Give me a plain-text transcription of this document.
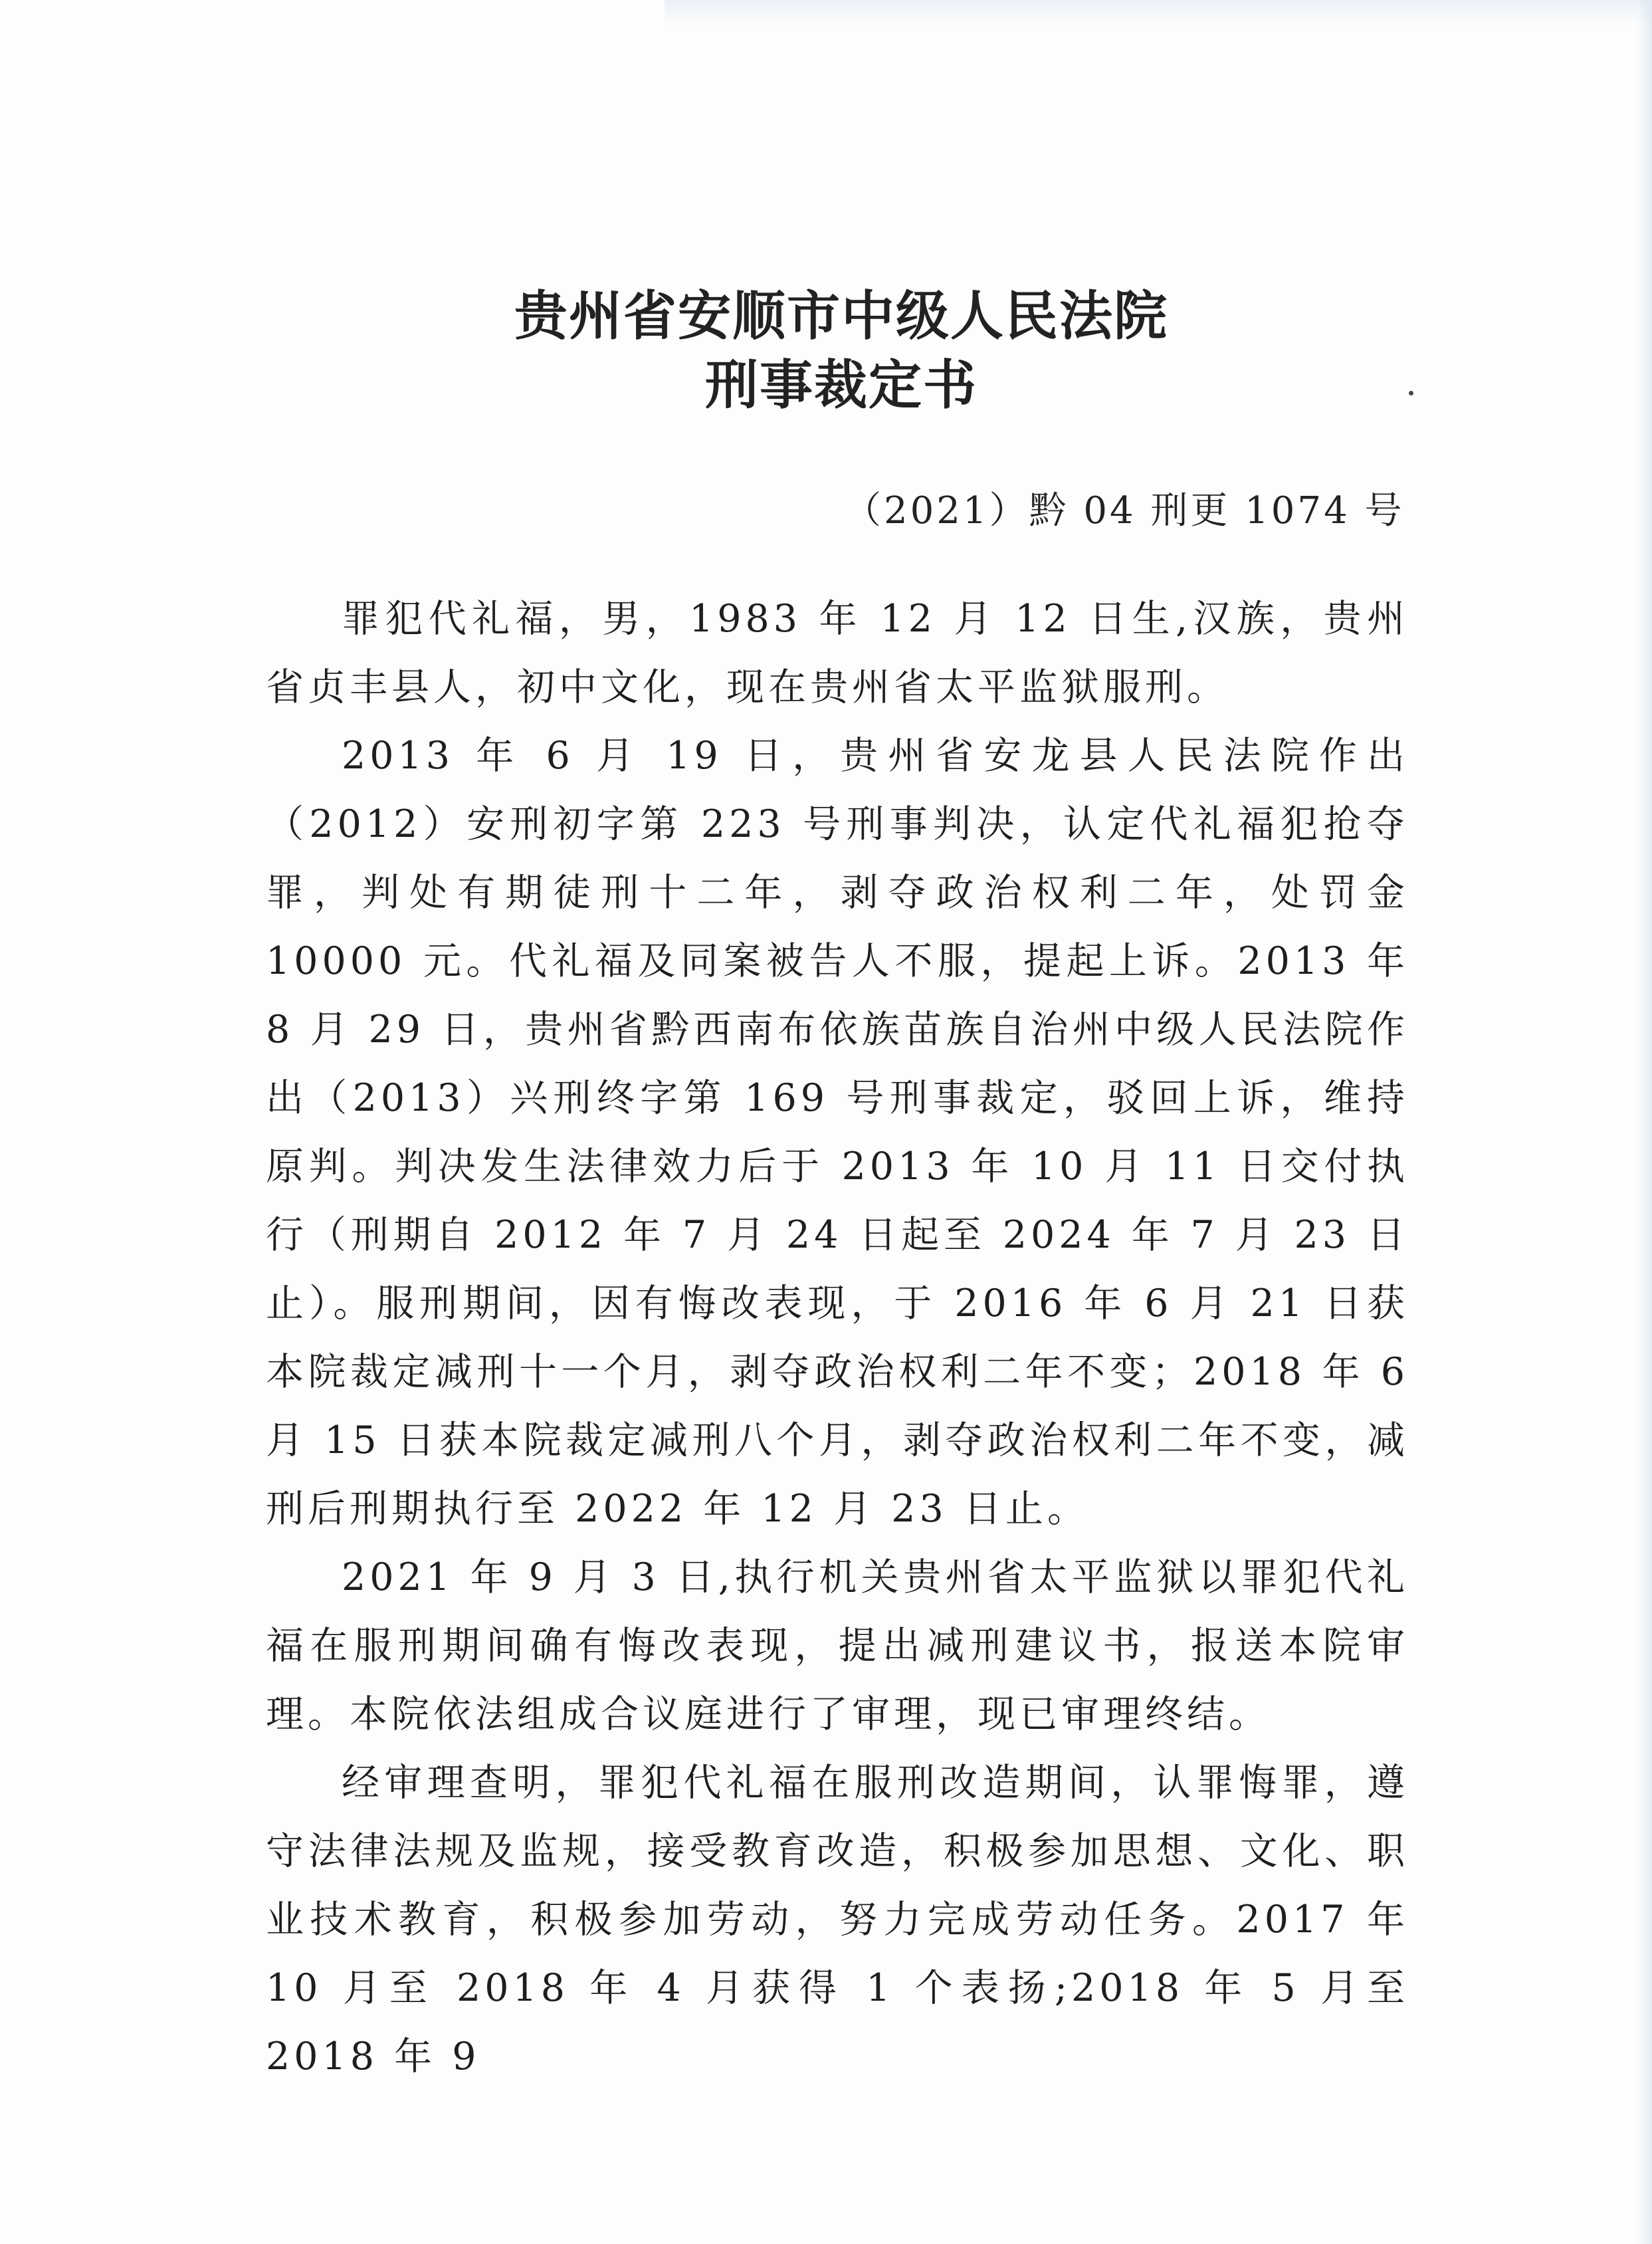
贵州省安顺市中级人民法院
刑事裁定书
（2021）黔 04 刑更 1074 号

罪犯代礼福，男，1983 年 12 月 12 日生,汉族，贵州省贞丰县人，初中文化，现在贵州省太平监狱服刑。

2013 年 6 月 19 日，贵州省安龙县人民法院作出（2012）安刑初字第 223 号刑事判决，认定代礼福犯抢夺罪，判处有期徒刑十二年，剥夺政治权利二年，处罚金 10000 元。代礼福及同案被告人不服，提起上诉。2013 年 8 月 29 日，贵州省黔西南布依族苗族自治州中级人民法院作出（2013）兴刑终字第 169 号刑事裁定，驳回上诉，维持原判。判决发生法律效力后于 2013 年 10 月 11 日交付执行（刑期自 2012 年 7 月 24 日起至 2024 年 7 月 23 日止）。服刑期间，因有悔改表现，于 2016 年 6 月 21 日获本院裁定减刑十一个月，剥夺政治权利二年不变；2018 年 6 月 15 日获本院裁定减刑八个月，剥夺政治权利二年不变，减刑后刑期执行至 2022 年 12 月 23 日止。

2021 年 9 月 3 日,执行机关贵州省太平监狱以罪犯代礼福在服刑期间确有悔改表现，提出减刑建议书，报送本院审理。本院依法组成合议庭进行了审理，现已审理终结。

经审理查明，罪犯代礼福在服刑改造期间，认罪悔罪，遵守法律法规及监规，接受教育改造，积极参加思想、文化、职业技术教育，积极参加劳动，努力完成劳动任务。2017 年 10 月至 2018 年 4 月获得 1 个表扬;2018 年 5 月至 2018 年 9
